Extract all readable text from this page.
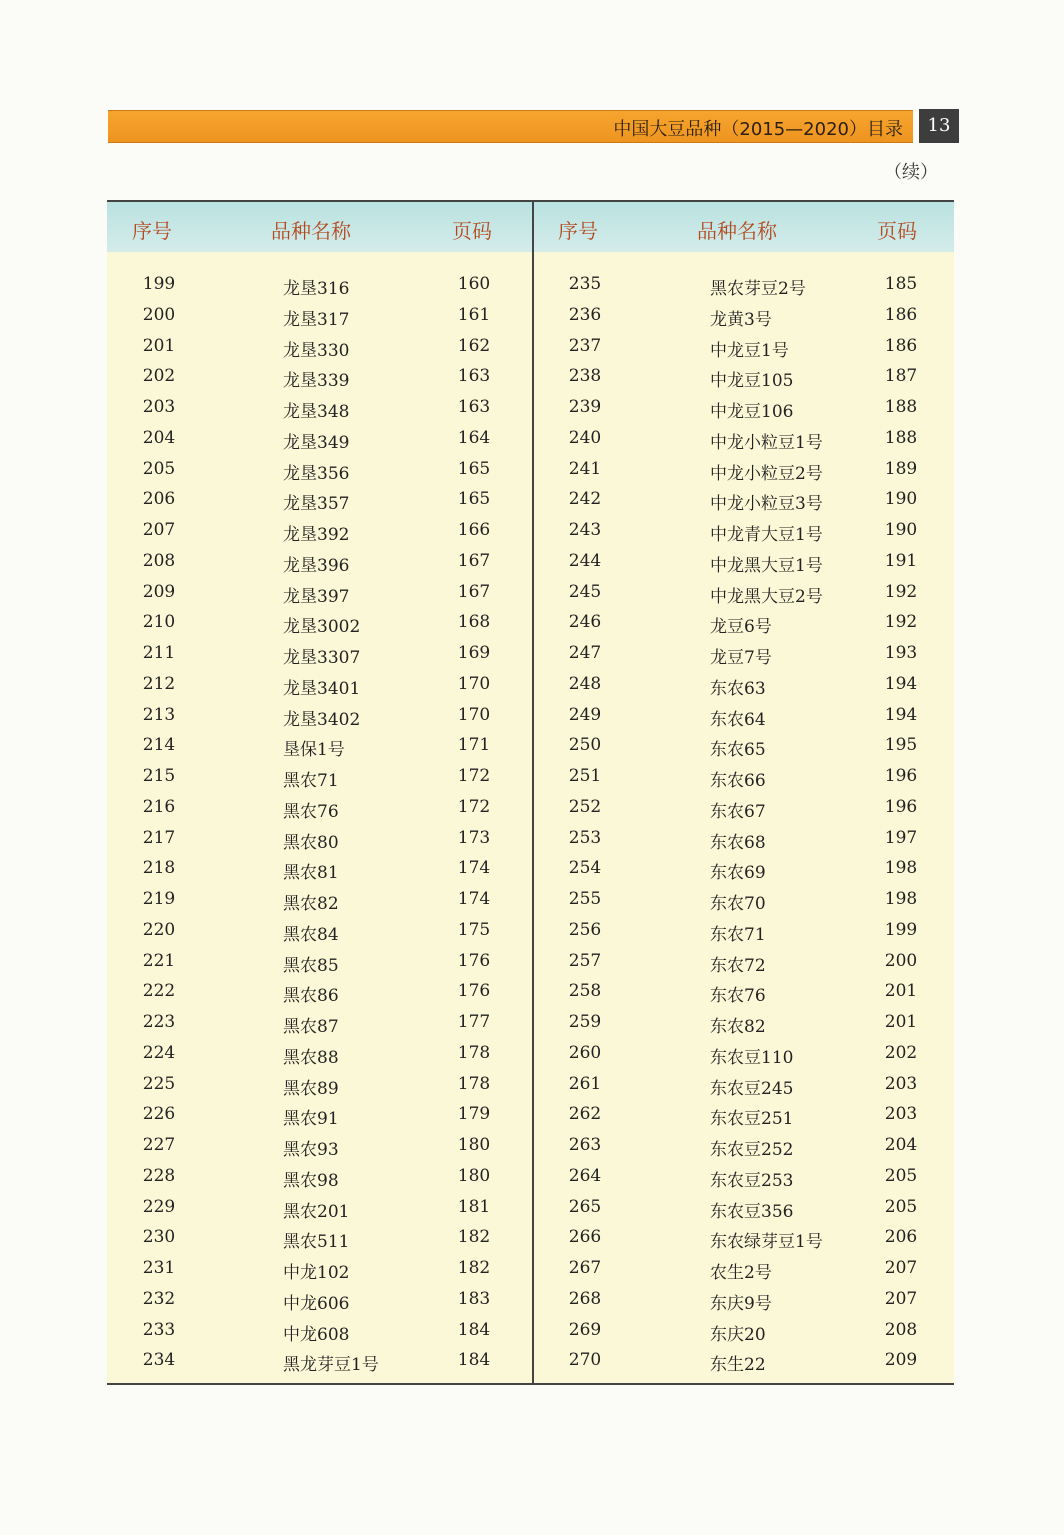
中国大豆品种（2015—2020）目录	13
（续）
序号	品种名称	页码	序号	品种名称	页码
199	龙垦316	160
200	龙垦317	161
201	龙垦330	162
202	龙垦339	163
203	龙垦348	163
204	龙垦349	164
205	龙垦356	165
206	龙垦357	165
207	龙垦392	166
208	龙垦396	167
209	龙垦397	167
210	龙垦3002	168
211	龙垦3307	169
212	龙垦3401	170
213	龙垦3402	170
214	垦保1号	171
215	黑农71	172
216	黑农76	172
217	黑农80	173
218	黑农81	174
219	黑农82	174
220	黑农84	175
221	黑农85	176
222	黑农86	176
223	黑农87	177
224	黑农88	178
225	黑农89	178
226	黑农91	179
227	黑农93	180
228	黑农98	180
229	黑农201	181
230	黑农511	182
231	中龙102	182
232	中龙606	183
233	中龙608	184
234	黑龙芽豆1号	184
235	黑农芽豆2号	185
236	龙黄3号	186
237	中龙豆1号	186
238	中龙豆105	187
239	中龙豆106	188
240	中龙小粒豆1号	188
241	中龙小粒豆2号	189
242	中龙小粒豆3号	190
243	中龙青大豆1号	190
244	中龙黑大豆1号	191
245	中龙黑大豆2号	192
246	龙豆6号	192
247	龙豆7号	193
248	东农63	194
249	东农64	194
250	东农65	195
251	东农66	196
252	东农67	196
253	东农68	197
254	东农69	198
255	东农70	198
256	东农71	199
257	东农72	200
258	东农76	201
259	东农82	201
260	东农豆110	202
261	东农豆245	203
262	东农豆251	203
263	东农豆252	204
264	东农豆253	205
265	东农豆356	205
266	东农绿芽豆1号	206
267	农生2号	207
268	东庆9号	207
269	东庆20	208
270	东生22	209
